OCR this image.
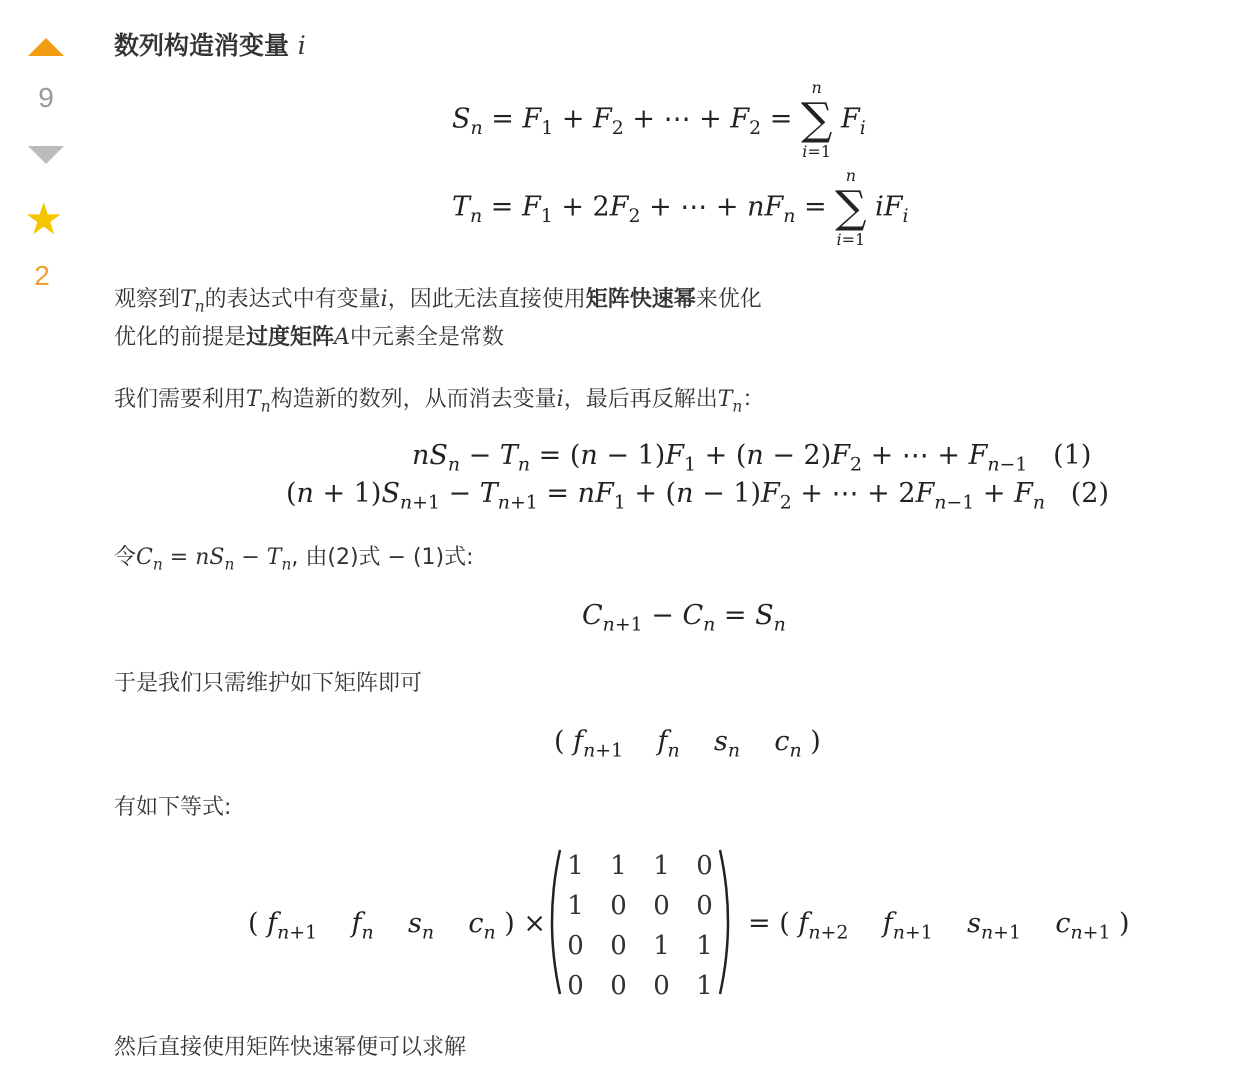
9
★
2
数列构造消变量 i
$S_n = F_1 + F_2$ + ⋯ + $F_2$ = ∑
n
i=1
$F_i$
$T_n = F_1 + 2F_2$ + ⋯ + $nF_n$ = ∑
n
i=1
$iF_i$
观察到$T_n$的表达式中有变量i，因此无法直接使用矩阵快速幂来优化
优化的前提是过度矩阵A中元素全是常数
我们需要利用$T_n$构造新的数列，从而消去变量i，最后再反解出$T_n$：
$nS_n - T_n = (n - 1)F_1 + (n - 2)F_2$ + ⋯ + $F_{n-1}$   (1)
$(n + 1)S_{n+1} - T_{n+1} = nF_1 + (n - 1)F_2$ + ⋯ + $2F_{n-1} + F_n$   (2)
令$C_n = nS_n - T_n$, 由(2)式 − (1)式:
$C_{n+1} - C_n = S_n$
于是我们只需维护如下矩阵即可
( $f_{n+1}$ $f_n$ $s_n$ $c_n$ )
有如下等式:
( $f_{n+1}$ $f_n$ $s_n$ $c_n$ ) ×
1	1	1	0
1	0	0	0
0	0	1	1
0	0	0	1
= ( $f_{n+2}$ $f_{n+1}$ $s_{n+1}$ $c_{n+1}$ )
然后直接使用矩阵快速幂便可以求解
